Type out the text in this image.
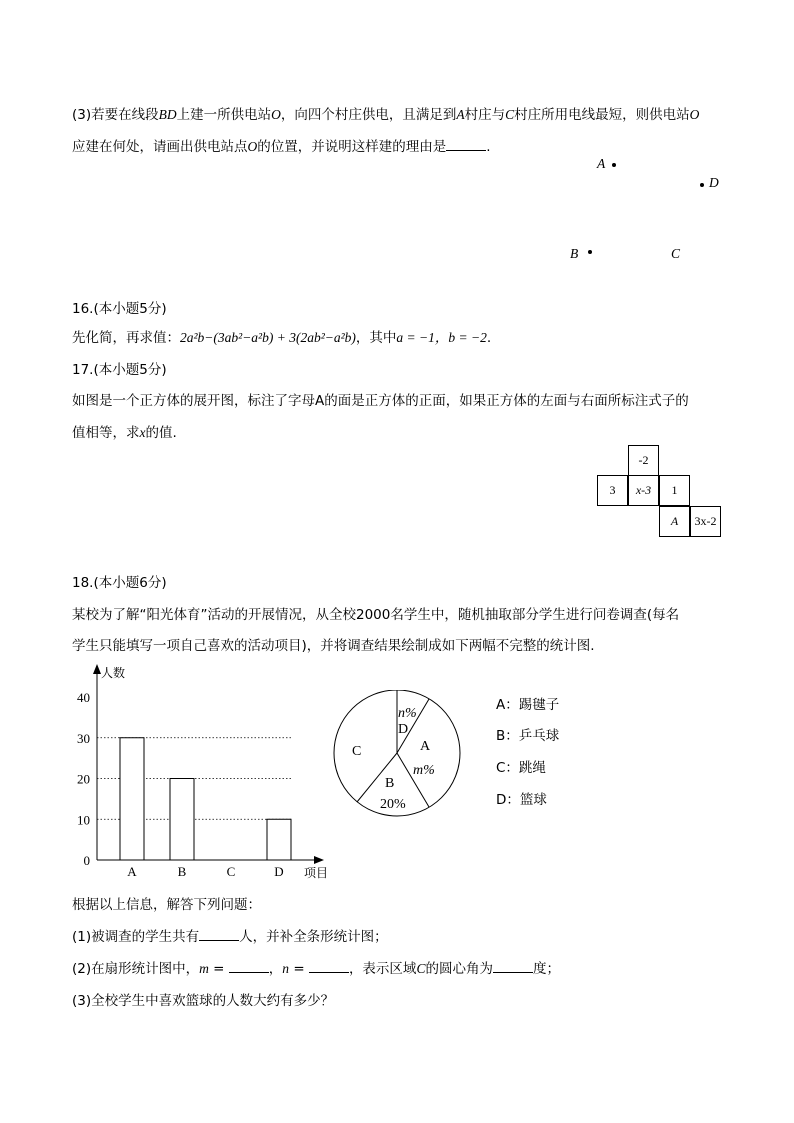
(3)若要在线段BD上建一所供电站O，向四个村庄供电，且满足到A村庄与C村庄所用电线最短，则供电站O
应建在何处，请画出供电站点O的位置，并说明这样建的理由是	.
A
D
B	C
16.(本小题5分)
先化简，再求值：2a²b−(3ab²−a²b) + 3(2ab²−a²b)，其中a = −1，b = −2.
17.(本小题5分)
如图是一个正方体的展开图，标注了字母A的面是正方体的正面，如果正方体的左面与右面所标注式子的
值相等，求x的值.
-2
3	x-3	1
A	3x-2
18.(本小题6分)
某校为了解“阳光体育”活动的开展情况，从全校2000名学生中，随机抽取部分学生进行问卷调查(每名
学生只能填写一项自己喜欢的活动项目)，并将调查结果绘制成如下两幅不完整的统计图.
0
10
20
30
40
A	B	C	D
人数
项目
n%
D
A
m%
C
B
20%
A：踢毽子
B：乒乓球
C：跳绳
D：篮球
根据以上信息，解答下列问题：
(1)被调查的学生共有	人，并补全条形统计图；
(2)在扇形统计图中，m =	，n =	，表示区域C的圆心角为	度；
(3)全校学生中喜欢篮球的人数大约有多少？
